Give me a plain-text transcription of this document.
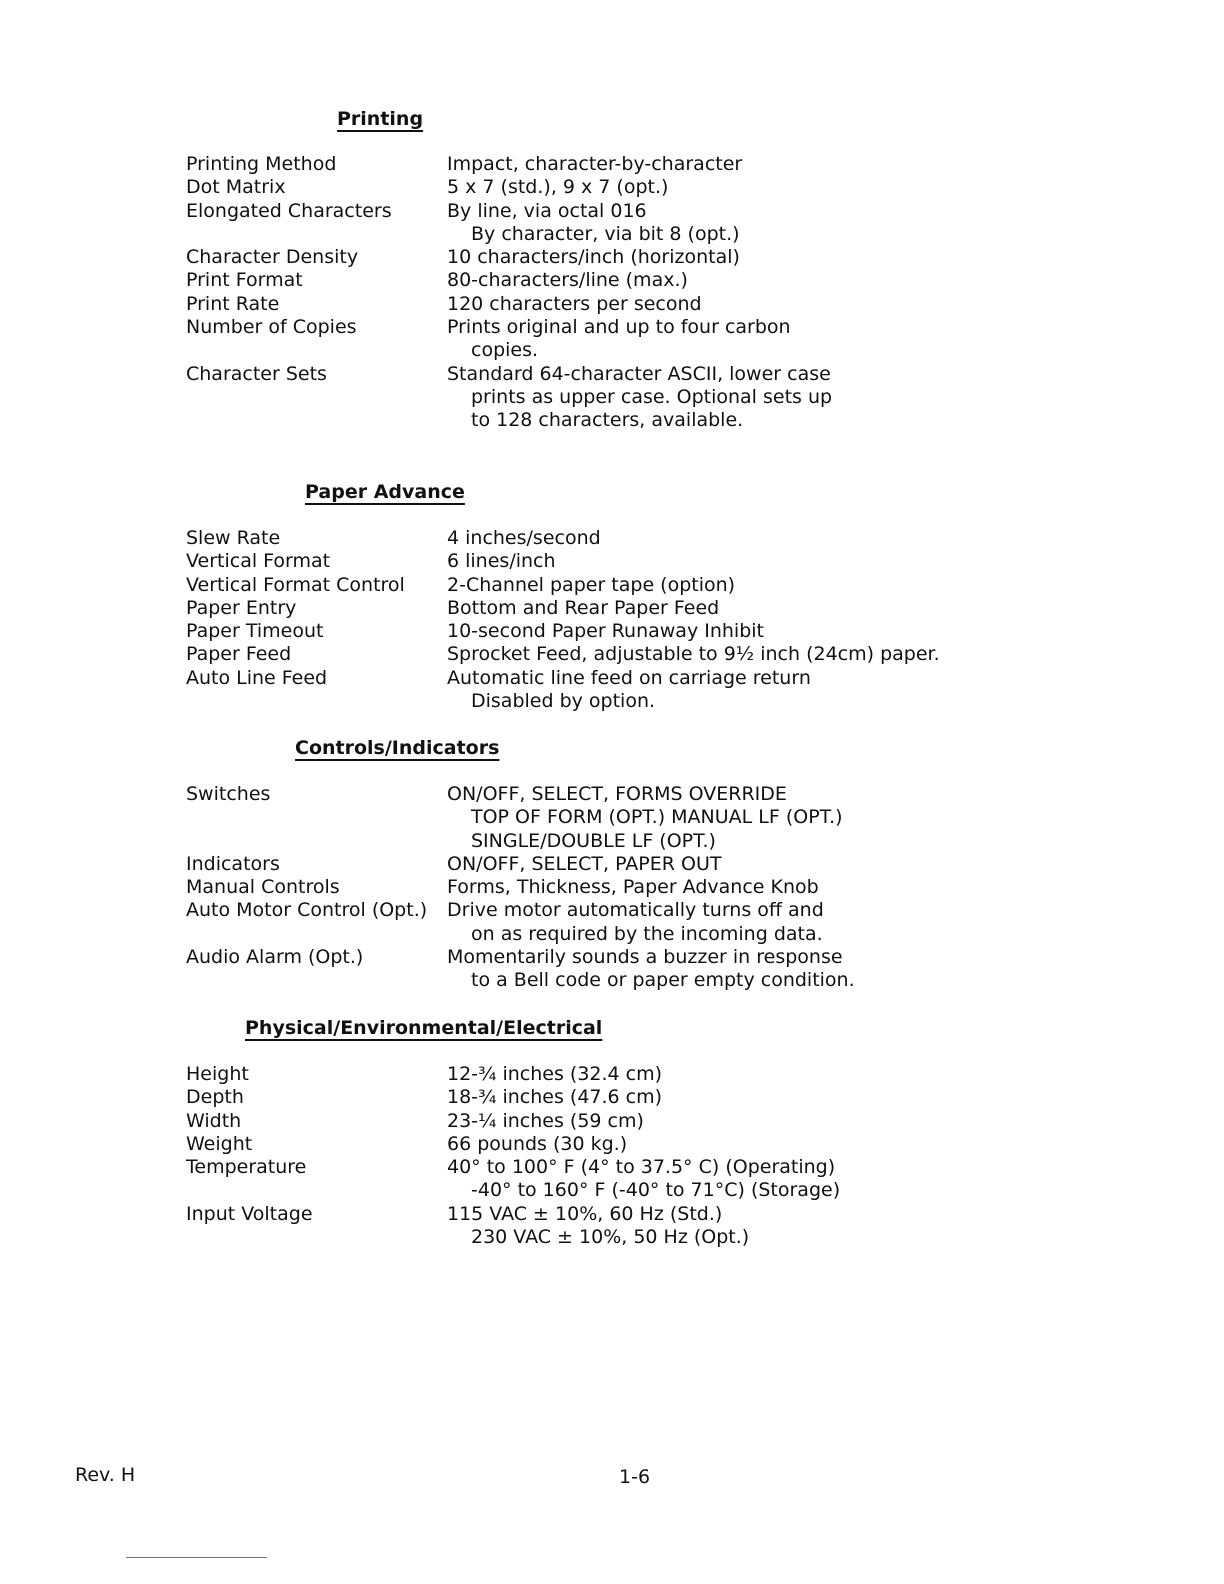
Printing
Paper Advance
Controls/Indicators
Physical/Environmental/Electrical
Printing Method	Impact, character-by-character
Dot Matrix	5 x 7 (std.), 9 x 7 (opt.)
Elongated Characters	By line, via octal 016
By character, via bit 8 (opt.)
Character Density	10 characters/inch (horizontal)
Print Format	80-characters/line (max.)
Print Rate	120 characters per second
Number of Copies	Prints original and up to four carbon
copies.
Character Sets	Standard 64-character ASCII, lower case
prints as upper case. Optional sets up
to 128 characters, available.
Slew Rate	4 inches/second
Vertical Format	6 lines/inch
Vertical Format Control	2-Channel paper tape (option)
Paper Entry	Bottom and Rear Paper Feed
Paper Timeout	10-second Paper Runaway Inhibit
Paper Feed	Sprocket Feed, adjustable to 9½ inch (24cm) paper.
Auto Line Feed	Automatic line feed on carriage return
Disabled by option.
Switches	ON/OFF, SELECT, FORMS OVERRIDE
TOP OF FORM (OPT.) MANUAL LF (OPT.)
SINGLE/DOUBLE LF (OPT.)
Indicators	ON/OFF, SELECT, PAPER OUT
Manual Controls	Forms, Thickness, Paper Advance Knob
Auto Motor Control (Opt.)	Drive motor automatically turns off and
on as required by the incoming data.
Audio Alarm (Opt.)	Momentarily sounds a buzzer in response
to a Bell code or paper empty condition.
Height	12-¾ inches (32.4 cm)
Depth	18-¾ inches (47.6 cm)
Width	23-¼ inches (59 cm)
Weight	66 pounds (30 kg.)
Temperature	40° to 100° F (4° to 37.5° C) (Operating)
-40° to 160° F (-40° to 71°C) (Storage)
Input Voltage	115 VAC ± 10%, 60 Hz (Std.)
230 VAC ± 10%, 50 Hz (Opt.)
Rev. H	1-6
